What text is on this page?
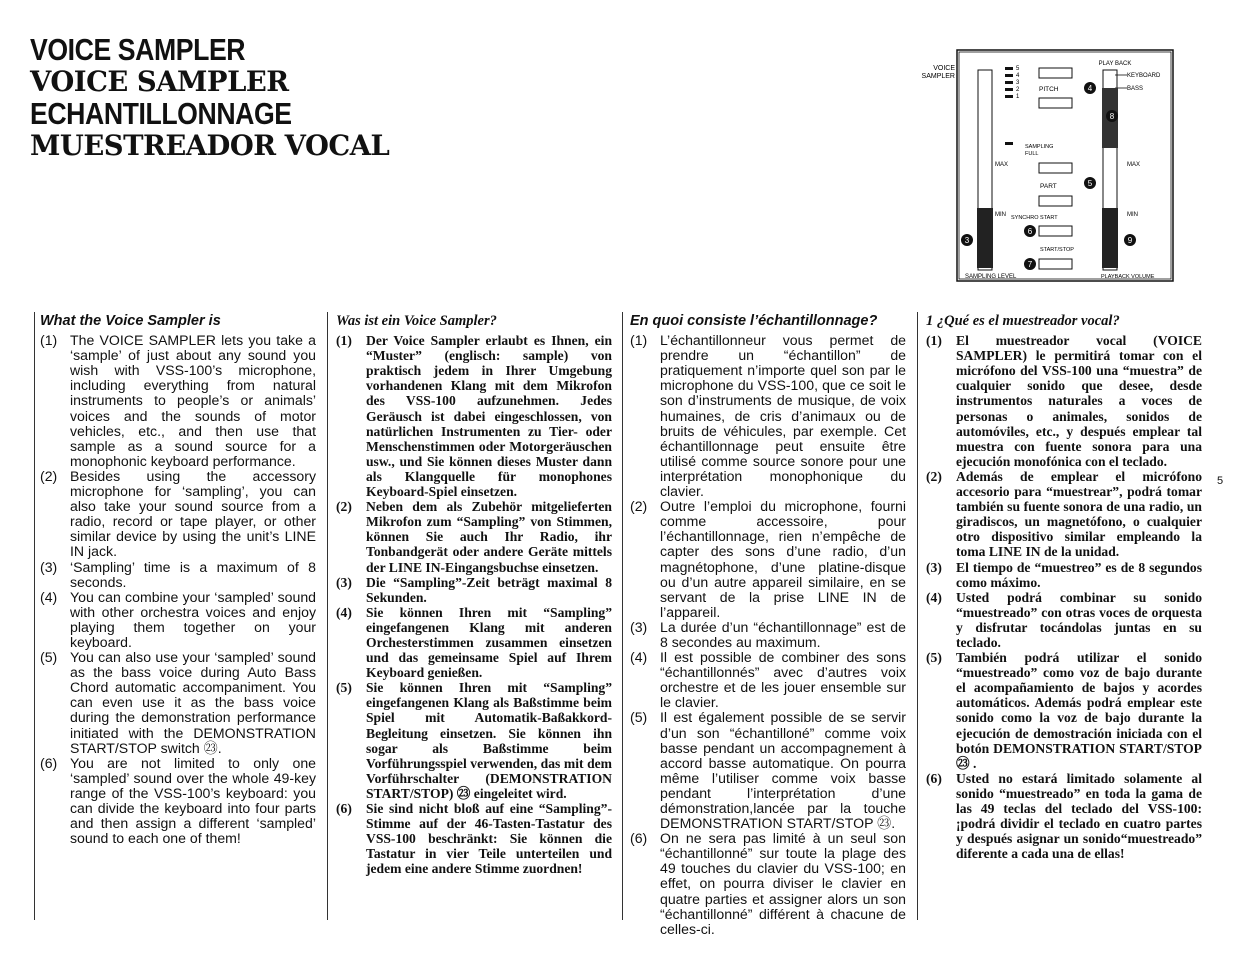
VOICE SAMPLER
VOICE SAMPLER
ECHANTILLONNAGE
MUESTREADOR VOCAL
VOICE
SAMPLER
PLAY BACK
KEYBOARD
BASS
5
4
3
2
1
PITCH	4
8
SAMPLING
FULL
PART	5
SYNCHRO START
6
START/STOP
7
MAX
MIN
MAX
MIN
3	9
SAMPLING LEVEL	PLAYBACK VOLUME
What the Voice Sampler is
(1) The VOICE SAMPLER lets you take a ‘sample’ of just about any sound you wish with VSS-100’s microphone, including everything from natural instruments to people’s or animals’ voices and the sounds of motor vehicles, etc., and then use that sample as a sound source for a monophonic keyboard performance.
(2) Besides using the accessory microphone for ‘sampling’, you can also take your sound source from a radio, record or tape player, or other similar device by using the unit’s LINE IN jack.
(3) ‘Sampling’ time is a maximum of 8 seconds.
(4) You can combine your ‘sampled’ sound with other orchestra voices and enjoy playing them together on your keyboard.
(5) You can also use your ‘sampled’ sound as the bass voice during Auto Bass Chord automatic accompaniment. You can even use it as the bass voice during the demonstration performance initiated with the DEMONSTRATION START/STOP switch ㉓.
(6) You are not limited to only one ‘sampled’ sound over the whole 49-key range of the VSS-100’s keyboard: you can divide the keyboard into four parts and then assign a different ‘sampled’ sound to each one of them!
Was ist ein Voice Sampler?
(1) Der Voice Sampler erlaubt es Ihnen, ein “Muster” (englisch: sample) von praktisch jedem in Ihrer Umgebung vorhandenen Klang mit dem Mikrofon des VSS-100 aufzunehmen. Jedes Geräusch ist dabei eingeschlossen, von natürlichen Instrumenten zu Tier- oder Menschenstimmen oder Motorgeräuschen usw., und Sie können dieses Muster dann als Klangquelle für monophones Keyboard-Spiel einsetzen.
(2) Neben dem als Zubehör mitgelieferten Mikrofon zum “Sampling” von Stimmen, können Sie auch Ihr Radio, ihr Tonbandgerät oder andere Geräte mittels der LINE IN-Eingangsbuchse einsetzen.
(3) Die “Sampling”-Zeit beträgt maximal 8 Sekunden.
(4) Sie können Ihren mit “Sampling” eingefangenen Klang mit anderen Orchesterstimmen zusammen einsetzen und das gemeinsame Spiel auf Ihrem Keyboard genießen.
(5) Sie können Ihren mit “Sampling” eingefangenen Klang als Baßstimme beim Spiel mit Automatik-Baßakkord-Begleitung einsetzen. Sie können ihn sogar als Baßstimme beim Vorführungsspiel verwenden, das mit dem Vorführschalter (DEMONSTRATION START/STOP) ㉓ eingeleitet wird.
(6) Sie sind nicht bloß auf eine “Sampling”-Stimme auf der 46-Tasten-Tastatur des VSS-100 beschränkt: Sie können die Tastatur in vier Teile unterteilen und jedem eine andere Stimme zuordnen!
En quoi consiste l’échantillonnage?
(1) L’échantillonneur vous permet de prendre un “échantillon” de pratiquement n’importe quel son par le microphone du VSS-100, que ce soit le son d’instruments de musique, de voix humaines, de cris d’animaux ou de bruits de véhicules, par exemple. Cet échantillonnage peut ensuite être utilisé comme source sonore pour une interprétation monophonique du clavier.
(2) Outre l’emploi du microphone, fourni comme accessoire, pour l’échantillonnage, rien n’empêche de capter des sons d’une radio, d’un magnétophone, d’une platine-disque ou d’un autre appareil similaire, en se servant de la prise LINE IN de l’appareil.
(3) La durée d’un “échantillonnage” est de 8 secondes au maximum.
(4) Il est possible de combiner des sons “échantillonnés” avec d’autres voix orchestre et de les jouer ensemble sur le clavier.
(5) Il est également possible de se servir d’un son “échantilloné” comme voix basse pendant un accompagnement à accord basse automatique. On pourra même l’utiliser comme voix basse pendant l’interprétation d’une démonstration,lancée par la touche DEMONSTRATION START/STOP ㉓.
(6) On ne sera pas limité à un seul son “échantillonné” sur toute la plage des 49 touches du clavier du VSS-100; en effet, on pourra diviser le clavier en quatre parties et assigner alors un son “échantillonné” différent à chacune de celles-ci.
1 ¿Qué es el muestreador vocal?
(1) El muestreador vocal (VOICE SAMPLER) le permitirá tomar con el micrófono del VSS-100 una “muestra” de cualquier sonido que desee, desde instrumentos naturales a voces de personas o animales, sonidos de automóviles, etc., y después emplear tal muestra con fuente sonora para una ejecución monofónica con el teclado.
(2) Además de emplear el micrófono accesorio para “muestrear”, podrá tomar también su fuente sonora de una radio, un giradiscos, un magnetófono, o cualquier otro dispositivo similar empleando la toma LINE IN de la unidad.
(3) El tiempo de “muestreo” es de 8 segundos como máximo.
(4) Usted podrá combinar su sonido “muestreado” con otras voces de orquesta y disfrutar tocándolas juntas en su teclado.
(5) También podrá utilizar el sonido “muestreado” como voz de bajo durante el acompañamiento de bajos y acordes automáticos. Además podrá emplear este sonido como la voz de bajo durante la ejecución de demostración iniciada con el botón DEMONSTRATION START/STOP ㉓ .
(6) Usted no estará limitado solamente al sonido “muestreado” en toda la gama de las 49 teclas del teclado del VSS-100: ¡podrá dividir el teclado en cuatro partes y después asignar un sonido“muestreado” diferente a cada una de ellas!
5
